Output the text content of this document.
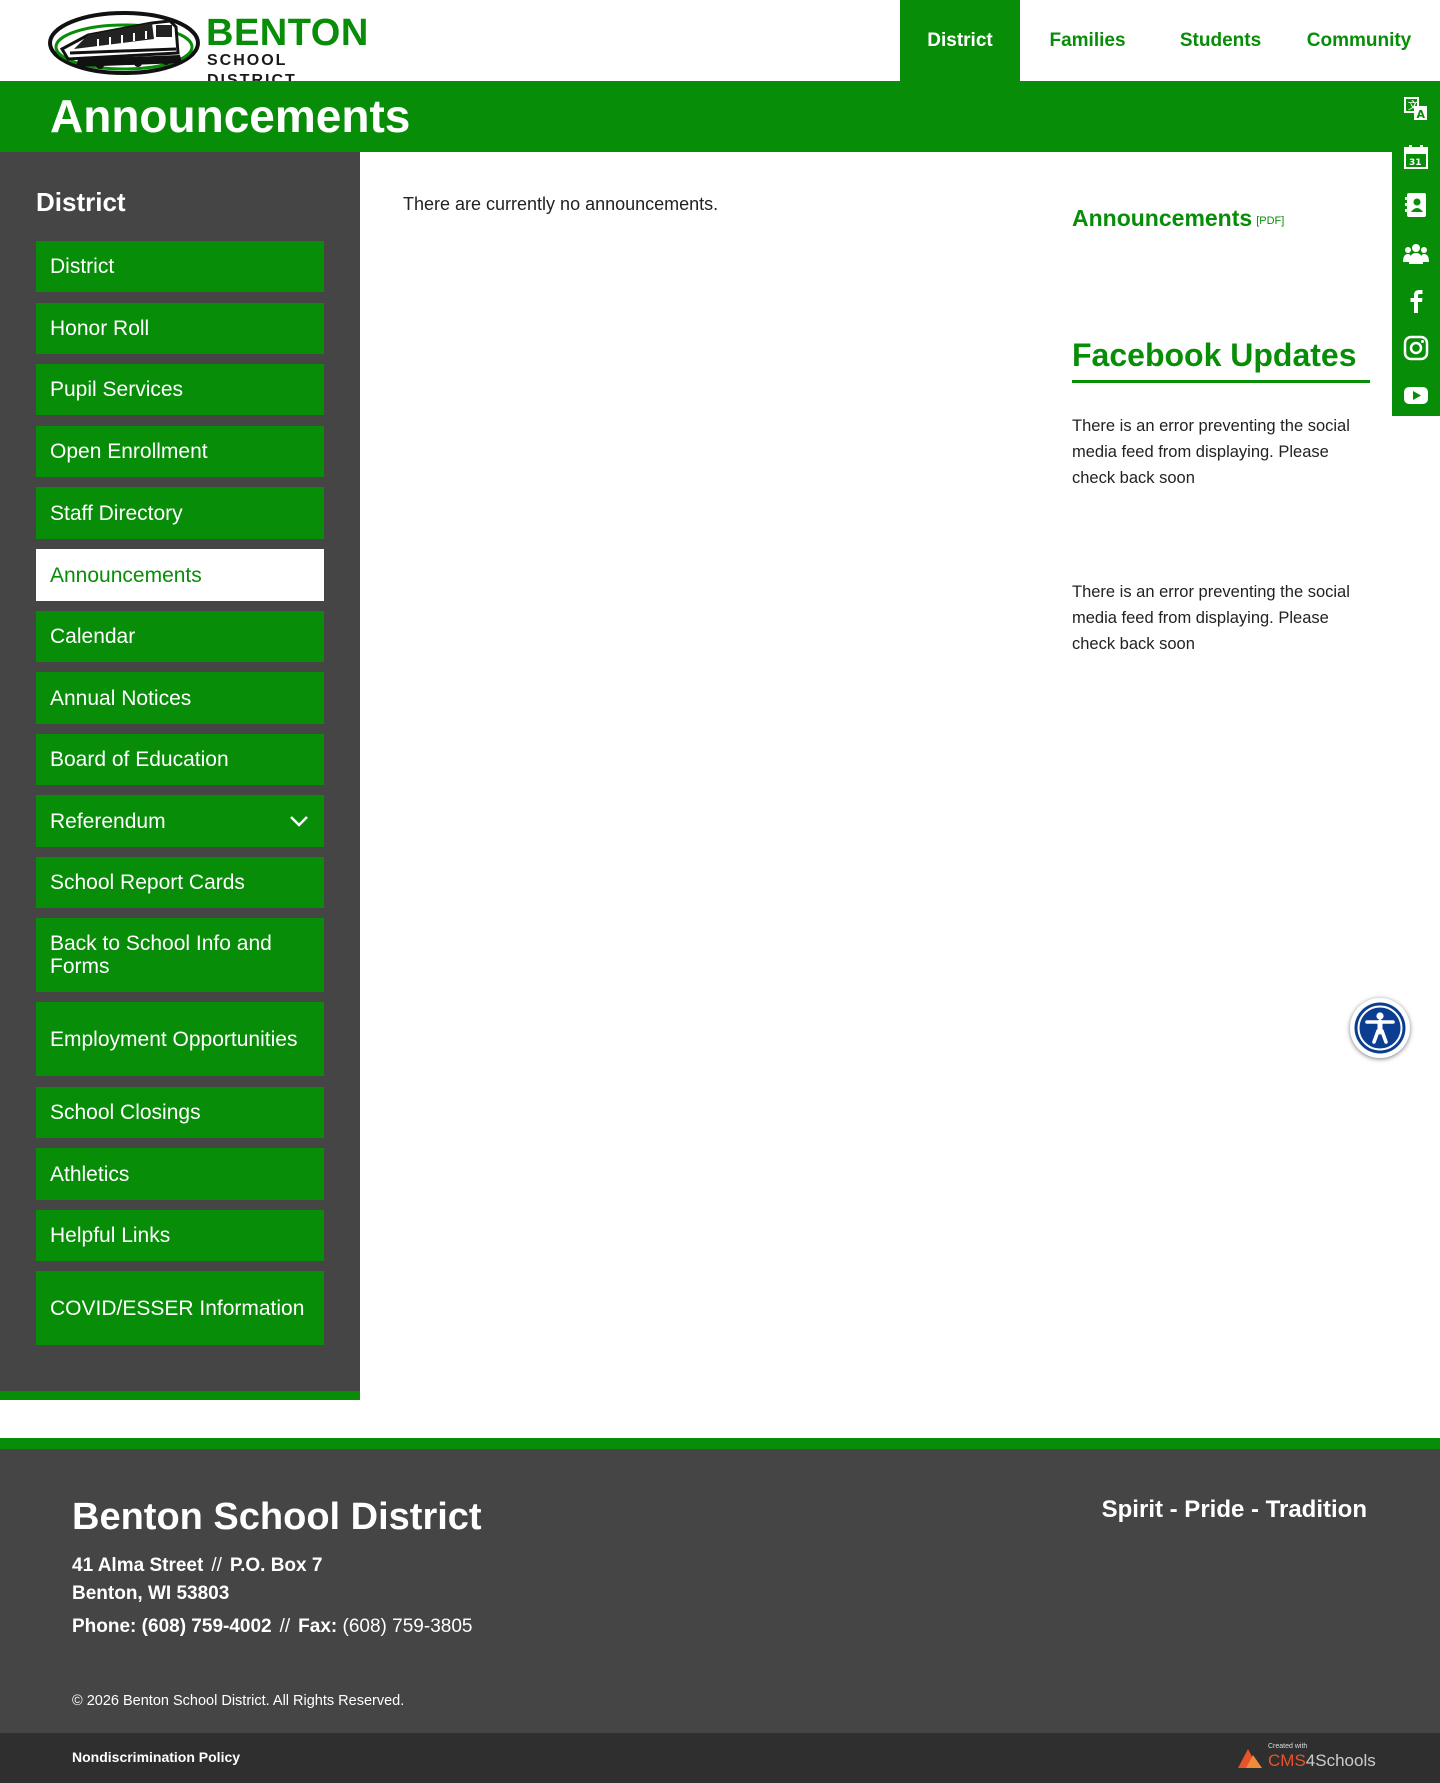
BENTON
SCHOOL
District	Families	Students	Community
Announcements	文
A
31
District
District
Honor Roll
Pupil Services
Open Enrollment
Staff Directory
Announcements
Calendar
Annual Notices
Board of Education
Referendum
School Report Cards
Back to School Info and Forms
Employment Opportunities
School Closings
Athletics
Helpful Links
COVID/ESSER Information

There are currently no announcements.

Announcements [PDF]
Facebook Updates

There is an error preventing the social media feed from displaying. Please check back soon

There is an error preventing the social media feed from displaying. Please check back soon

Benton School District	Spirit - Pride - Tradition
41 Alma Street // P.O. Box 7
Benton, WI 53803
Phone: (608) 759-4002 // Fax: (608) 759-3805
© 2026 Benton School District. All Rights Reserved.
Nondiscrimination Policy
Created with
CMS4Schools
